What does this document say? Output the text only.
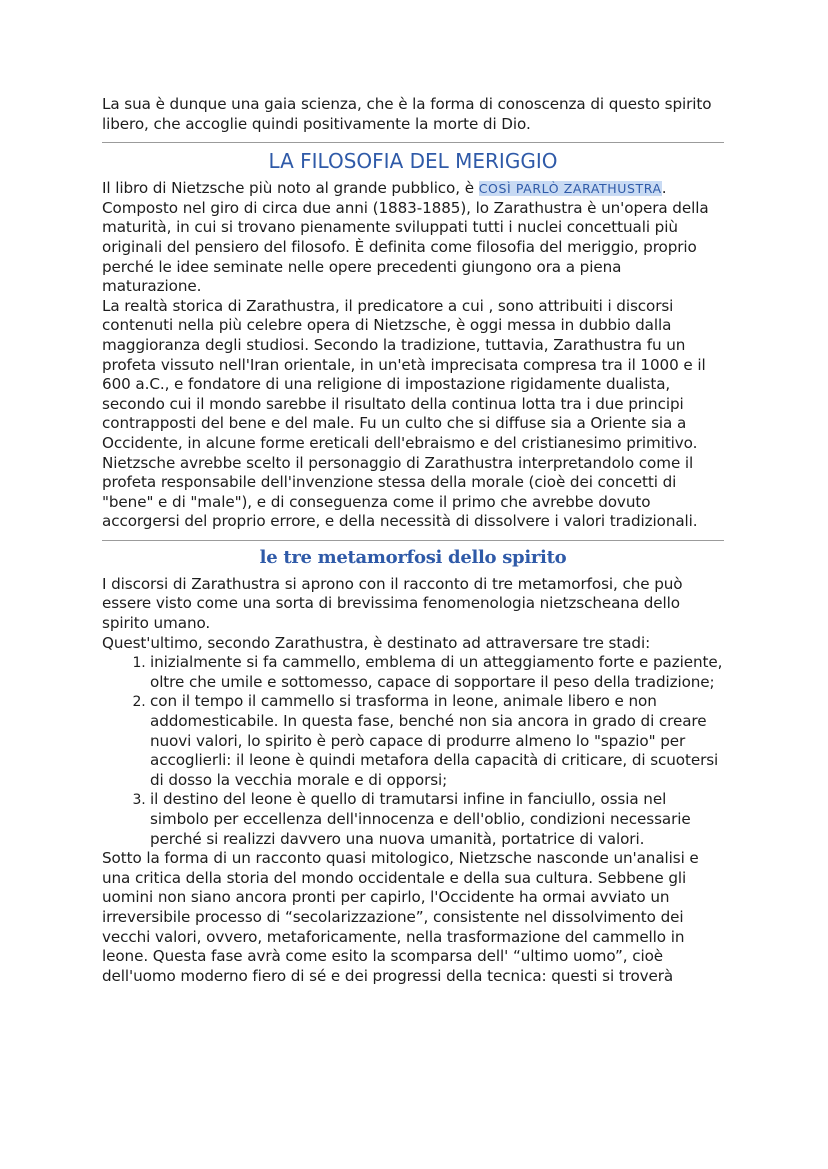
La sua è dunque una gaia scienza, che è la forma di conoscenza di questo spirito libero, che accoglie quindi positivamente la morte di Dio.

LA FILOSOFIA DEL MERIGGIO

Il libro di Nietzsche più noto al grande pubblico, è COSÌ PARLÒ ZARATHUSTRA. Composto nel giro di circa due anni (1883-1885), lo Zarathustra è un'opera della maturità, in cui si trovano pienamente sviluppati tutti i nuclei concettuali più originali del pensiero del filosofo. È definita come filosofia del meriggio, proprio perché le idee seminate nelle opere precedenti giungono ora a piena maturazione.

La realtà storica di Zarathustra, il predicatore a cui , sono attribuiti i discorsi contenuti nella più celebre opera di Nietzsche, è oggi messa in dubbio dalla maggioranza degli studiosi. Secondo la tradizione, tuttavia, Zarathustra fu un profeta vissuto nell'Iran orientale, in un'età imprecisata compresa tra il 1000 e il 600 a.C., e fondatore di una religione di impostazione rigidamente dualista, secondo cui il mondo sarebbe il risultato della continua lotta tra i due principi contrapposti del bene e del male. Fu un culto che si diffuse sia a Oriente sia a Occidente, in alcune forme ereticali dell'ebraismo e del cristianesimo primitivo. Nietzsche avrebbe scelto il personaggio di Zarathustra interpretandolo come il profeta responsabile dell'invenzione stessa della morale (cioè dei concetti di "bene" e di "male"), e di conseguenza come il primo che avrebbe dovuto accorgersi del proprio errore, e della necessità di dissolvere i valori tradizionali.

le tre metamorfosi dello spirito

I discorsi di Zarathustra si aprono con il racconto di tre metamorfosi, che può essere visto come una sorta di brevissima fenomenologia nietzscheana dello spirito umano.

Quest'ultimo, secondo Zarathustra, è destinato ad attraversare tre stadi:

1. inizialmente si fa cammello, emblema di un atteggiamento forte e paziente, oltre che umile e sottomesso, capace di sopportare il peso della tradizione;
2. con il tempo il cammello si trasforma in leone, animale libero e non addomesticabile. In questa fase, benché non sia ancora in grado di creare nuovi valori, lo spirito è però capace di produrre almeno lo "spazio" per accoglierli: il leone è quindi metafora della capacità di criticare, di scuotersi di dosso la vecchia morale e di opporsi;
3. il destino del leone è quello di tramutarsi infine in fanciullo, ossia nel simbolo per eccellenza dell'innocenza e dell'oblio, condizioni necessarie perché si realizzi davvero una nuova umanità, portatrice di valori.

Sotto la forma di un racconto quasi mitologico, Nietzsche nasconde un'analisi e una critica della storia del mondo occidentale e della sua cultura. Sebbene gli uomini non siano ancora pronti per capirlo, l'Occidente ha ormai avviato un irreversibile processo di “secolarizzazione”, consistente nel dissolvimento dei vecchi valori, ovvero, metaforicamente, nella trasformazione del cammello in leone. Questa fase avrà come esito la scomparsa dell' “ultimo uomo”, cioè dell'uomo moderno fiero di sé e dei progressi della tecnica: questi si troverà
